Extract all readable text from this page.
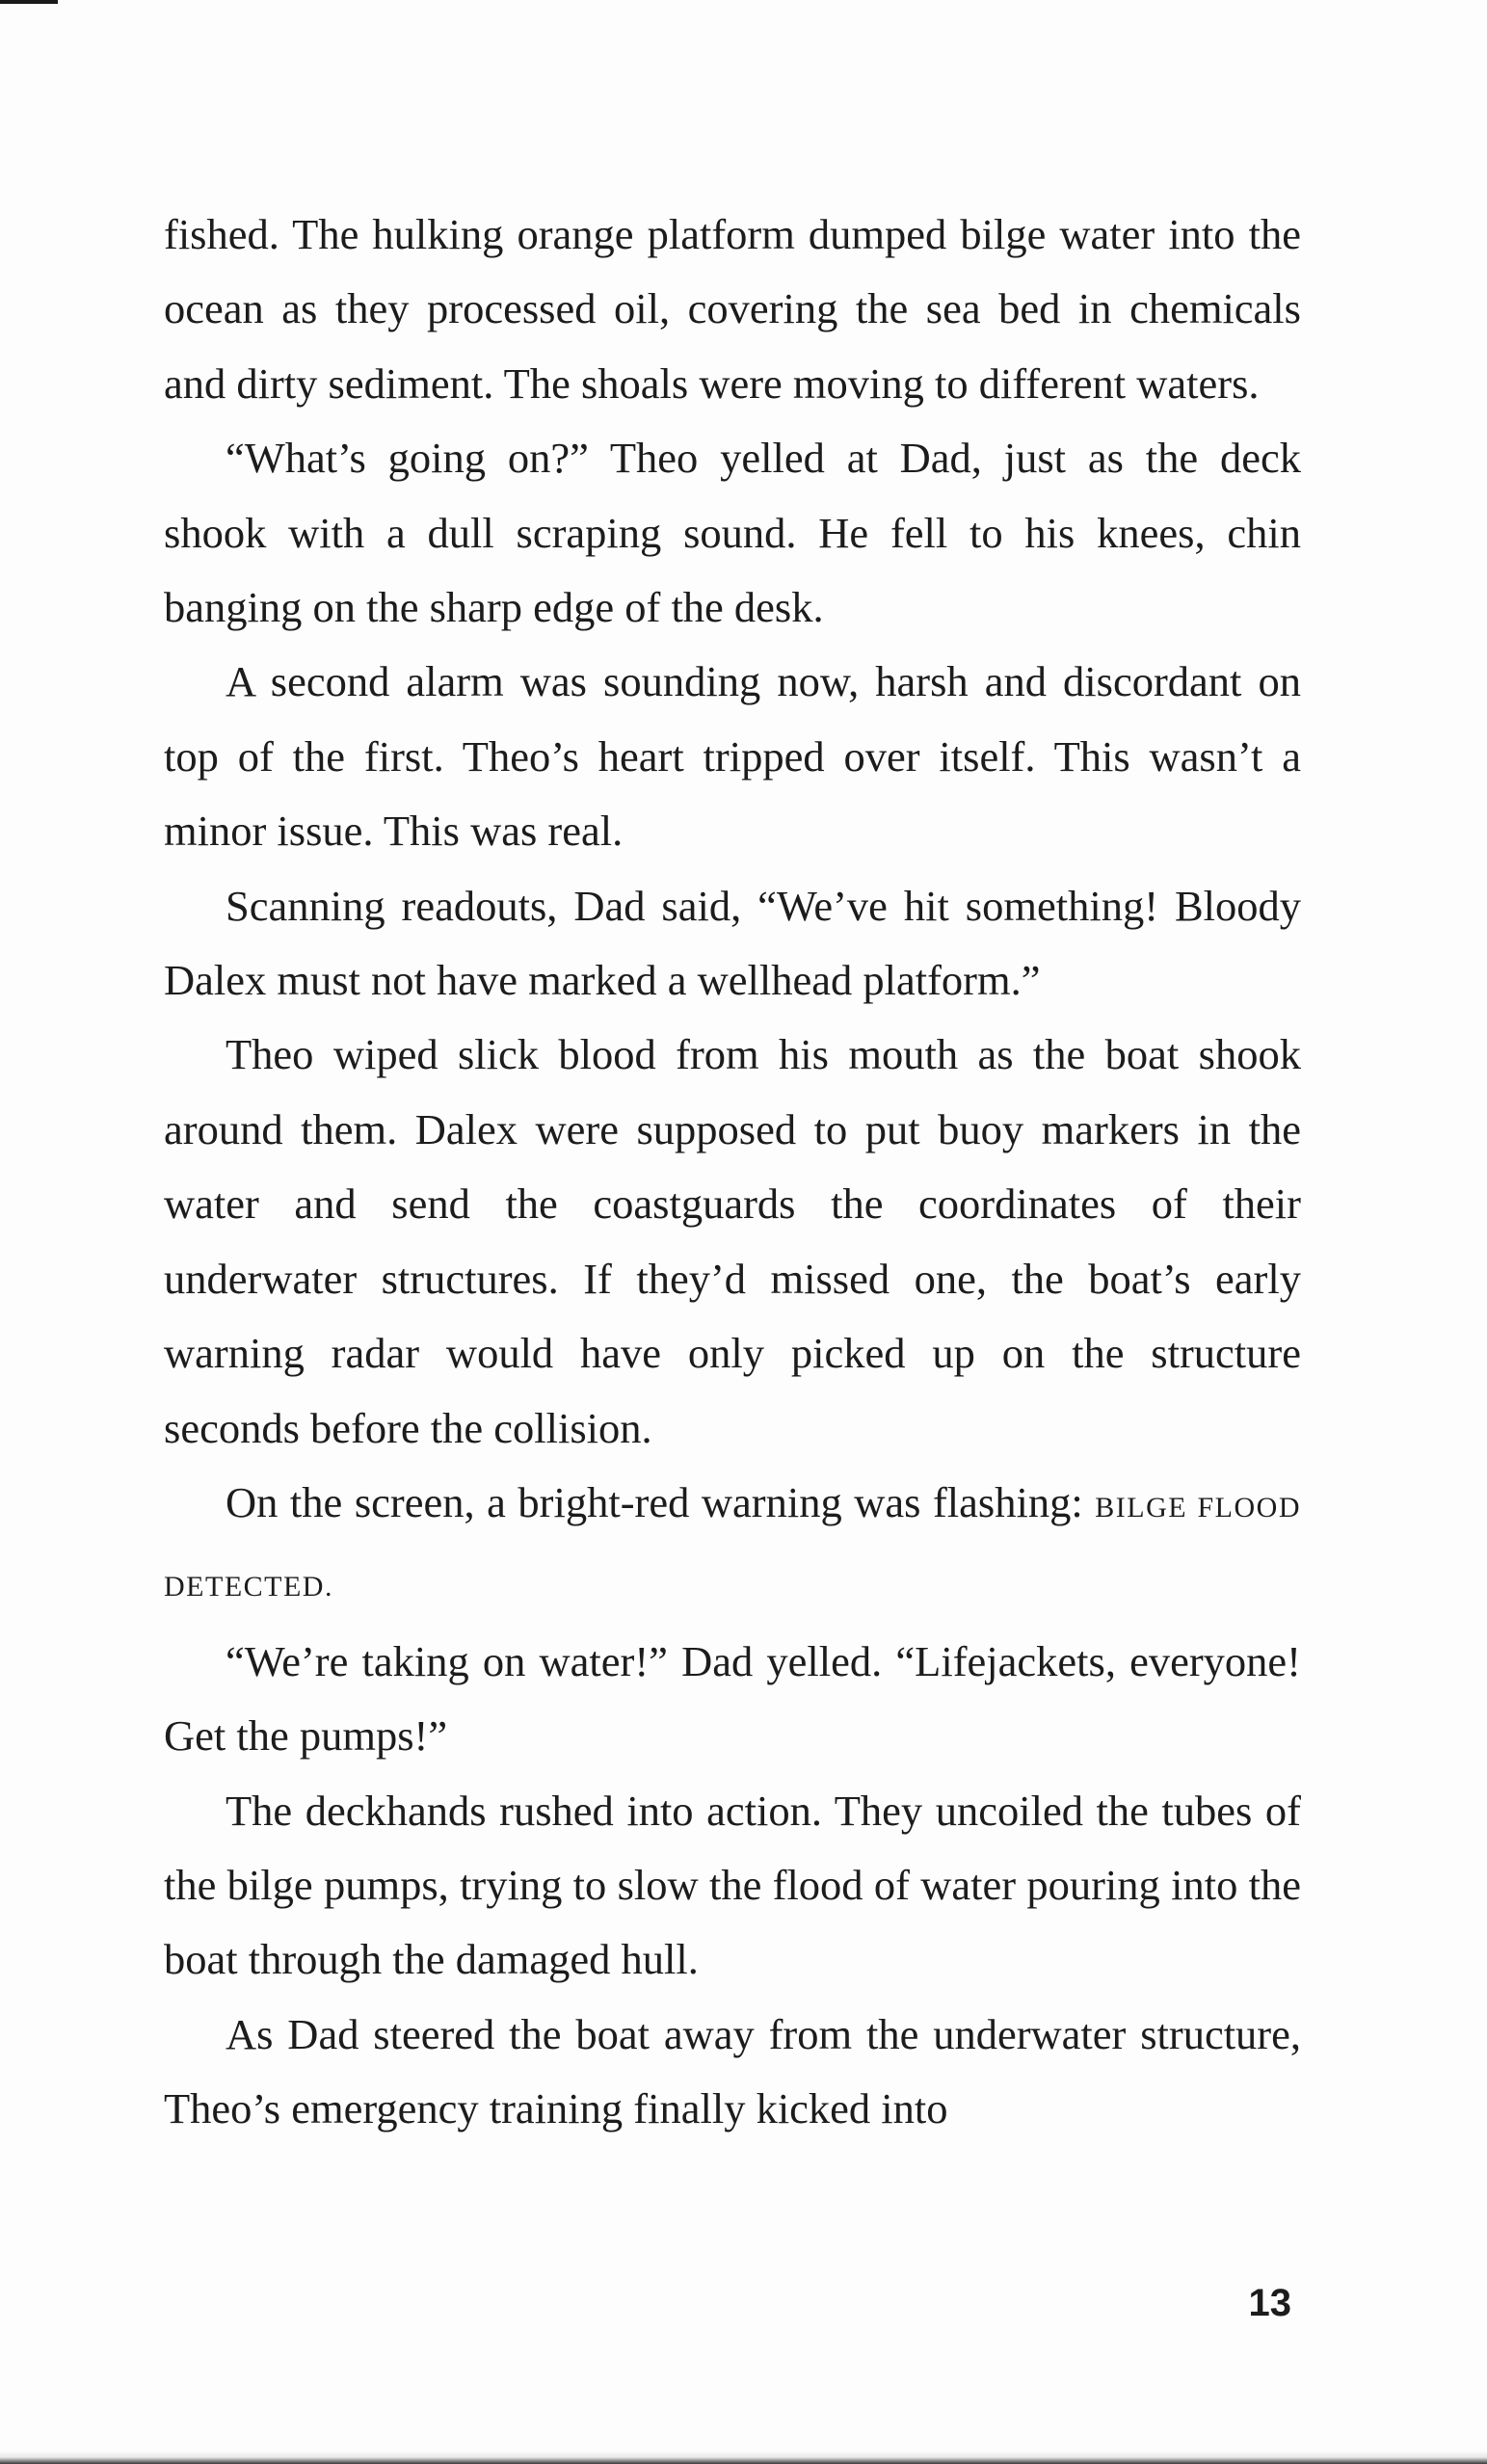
fished. The hulking orange platform dumped bilge water into the ocean as they processed oil, covering the sea bed in chemicals and dirty sediment. The shoals were moving to different waters.

“What’s going on?” Theo yelled at Dad, just as the deck shook with a dull scraping sound. He fell to his knees, chin banging on the sharp edge of the desk.

A second alarm was sounding now, harsh and discordant on top of the first. Theo’s heart tripped over itself. This wasn’t a minor issue. This was real.

Scanning readouts, Dad said, “We’ve hit something! Bloody Dalex must not have marked a wellhead platform.”

Theo wiped slick blood from his mouth as the boat shook around them. Dalex were supposed to put buoy markers in the water and send the coastguards the coordinates of their underwater structures. If they’d missed one, the boat’s early warning radar would have only picked up on the structure seconds before the collision.

On the screen, a bright-red warning was flashing: BILGE FLOOD DETECTED.

“We’re taking on water!” Dad yelled. “Lifejackets, everyone! Get the pumps!”

The deckhands rushed into action. They uncoiled the tubes of the bilge pumps, trying to slow the flood of water pouring into the boat through the damaged hull.

As Dad steered the boat away from the underwater structure, Theo’s emergency training finally kicked into

13
